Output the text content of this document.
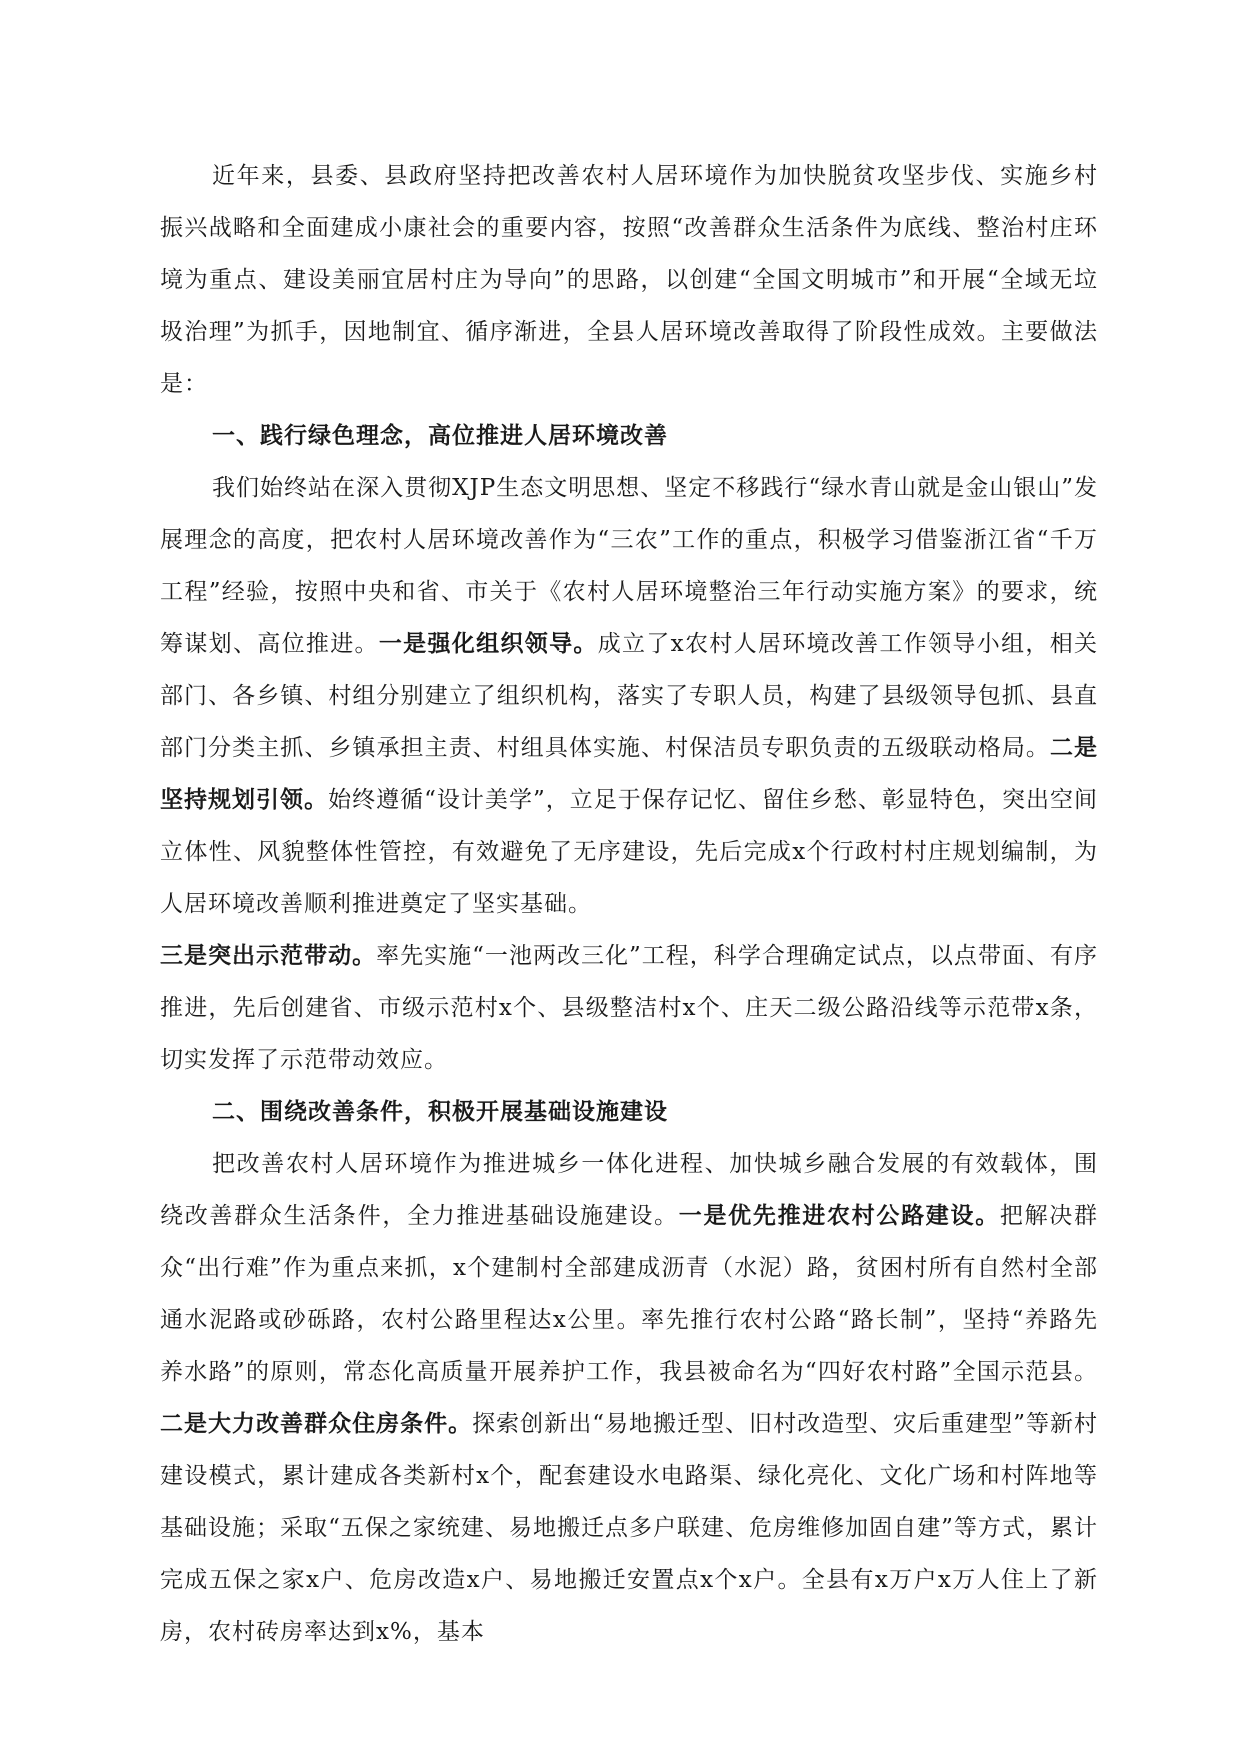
近年来，县委、县政府坚持把改善农村人居环境作为加快脱贫攻坚步伐、实施乡村振兴战略和全面建成小康社会的重要内容，按照“改善群众生活条件为底线、整治村庄环境为重点、建设美丽宜居村庄为导向”的思路，以创建“全国文明城市”和开展“全域无垃圾治理”为抓手，因地制宜、循序渐进，全县人居环境改善取得了阶段性成效。主要做法是：

一、践行绿色理念，高位推进人居环境改善

我们始终站在深入贯彻XJP生态文明思想、坚定不移践行“绿水青山就是金山银山”发展理念的高度，把农村人居环境改善作为“三农”工作的重点，积极学习借鉴浙江省“千万工程”经验，按照中央和省、市关于《农村人居环境整治三年行动实施方案》的要求，统筹谋划、高位推进。一是强化组织领导。成立了x农村人居环境改善工作领导小组，相关部门、各乡镇、村组分别建立了组织机构，落实了专职人员，构建了县级领导包抓、县直部门分类主抓、乡镇承担主责、村组具体实施、村保洁员专职负责的五级联动格局。二是坚持规划引领。始终遵循“设计美学”，立足于保存记忆、留住乡愁、彰显特色，突出空间立体性、风貌整体性管控，有效避免了无序建设，先后完成x个行政村村庄规划编制，为人居环境改善顺利推进奠定了坚实基础。

三是突出示范带动。率先实施“一池两改三化”工程，科学合理确定试点，以点带面、有序推进，先后创建省、市级示范村x个、县级整洁村x个、庄天二级公路沿线等示范带x条，切实发挥了示范带动效应。

二、围绕改善条件，积极开展基础设施建设

把改善农村人居环境作为推进城乡一体化进程、加快城乡融合发展的有效载体，围绕改善群众生活条件，全力推进基础设施建设。一是优先推进农村公路建设。把解决群众“出行难”作为重点来抓，x个建制村全部建成沥青（水泥）路，贫困村所有自然村全部通水泥路或砂砾路，农村公路里程达x公里。率先推行农村公路“路长制”，坚持“养路先养水路”的原则，常态化高质量开展养护工作，我县被命名为“四好农村路”全国示范县。二是大力改善群众住房条件。探索创新出“易地搬迁型、旧村改造型、灾后重建型”等新村建设模式，累计建成各类新村x个，配套建设水电路渠、绿化亮化、文化广场和村阵地等基础设施；采取“五保之家统建、易地搬迁点多户联建、危房维修加固自建”等方式，累计完成五保之家x户、危房改造x户、易地搬迁安置点x个x户。全县有x万户x万人住上了新房，农村砖房率达到x%，基本
